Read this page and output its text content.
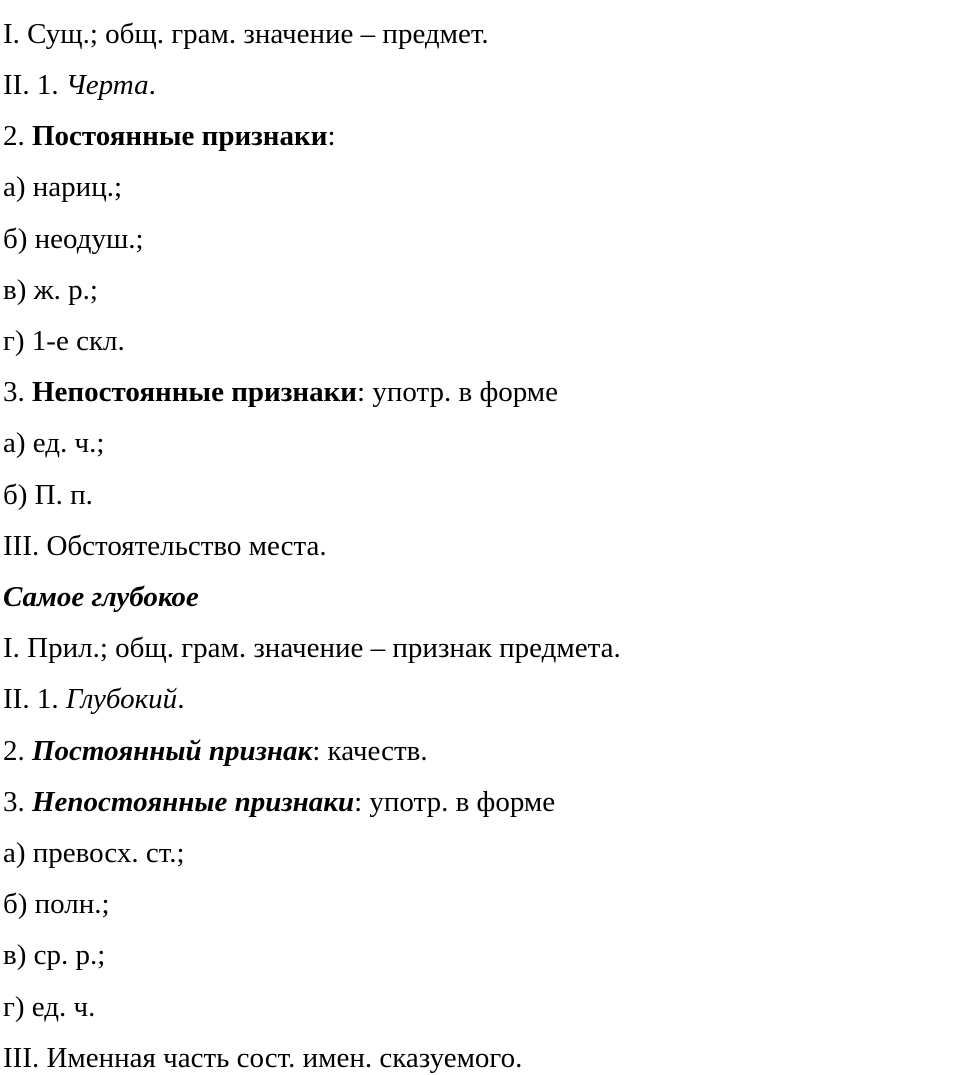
I. Сущ.; общ. грам. значение – предмет.
II. 1. Черта.
2. Постоянные признаки:
а) нариц.;
б) неодуш.;
в) ж. р.;
г) 1-е скл.
3. Непостоянные признаки: употр. в форме
а) ед. ч.;
б) П. п.
III. Обстоятельство места.
Самое глубокое
I. Прил.; общ. грам. значение – признак предмета.
II. 1. Глубокий.
2. Постоянный признак: качеств.
3. Непостоянные признаки: употр. в форме
а) превосх. ст.;
б) полн.;
в) ср. р.;
г) ед. ч.
III. Именная часть сост. имен. сказуемого.
